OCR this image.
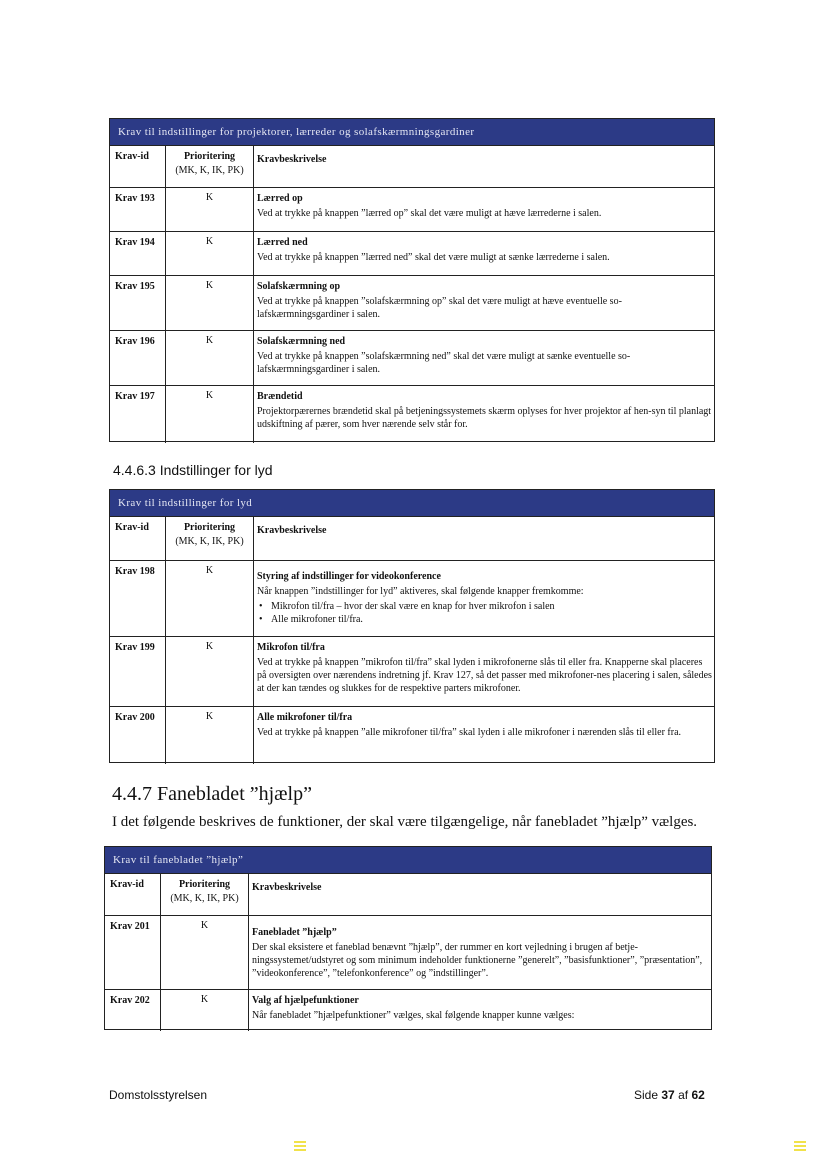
Krav til indstillinger for projektorer, lærreder og solafskærmningsgardiner
Krav-id	Prioritering
(MK, K, IK, PK)
Kravbeskrivelse
Krav 193	K	Lærred op
Ved at trykke på knappen ”lærred op” skal det være muligt at hæve lærrederne i salen.
Krav 194	K	Lærred ned
Ved at trykke på knappen ”lærred ned” skal det være muligt at sænke lærrederne i salen.
Krav 195	K	Solafskærmning op
Ved at trykke på knappen ”solafskærmning op” skal det være muligt at hæve eventuelle so-lafskærmningsgardiner i salen.
Krav 196	K	Solafskærmning ned
Ved at trykke på knappen ”solafskærmning ned” skal det være muligt at sænke eventuelle so-lafskærmningsgardiner i salen.
Krav 197	K	Brændetid
Projektorpærernes brændetid skal på betjeningssystemets skærm oplyses for hver projektor af hen-syn til planlagt udskiftning af pærer, som hver nærende selv står for.
4.4.6.3 Indstillinger for lyd
Krav til indstillinger for lyd
Krav-id	Prioritering
(MK, K, IK, PK)
Kravbeskrivelse
Krav 198	K
Styring af indstillinger for videokonference
Når knappen ”indstillinger for lyd” aktiveres, skal følgende knapper fremkomme:
• Mikrofon til/fra – hvor der skal være en knap for hver mikrofon i salen
• Alle mikrofoner til/fra.
Krav 199	K	Mikrofon til/fra
Ved at trykke på knappen ”mikrofon til/fra” skal lyden i mikrofonerne slås til eller fra. Knapperne skal placeres på oversigten over nærendens indretning jf. Krav 127, så det passer med mikrofoner-nes placering i salen, således at der kan tændes og slukkes for de respektive parters mikrofoner.
Krav 200	K	Alle mikrofoner til/fra
Ved at trykke på knappen ”alle mikrofoner til/fra” skal lyden i alle mikrofoner i nærenden slås til eller fra.
4.4.7 Fanebladet ”hjælp”
I det følgende beskrives de funktioner, der skal være tilgængelige, når fanebladet ”hjælp” vælges.
Krav til fanebladet ”hjælp”
Krav-id	Prioritering
(MK, K, IK, PK)
Kravbeskrivelse
Krav 201	K
Fanebladet ”hjælp”
Der skal eksistere et faneblad benævnt ”hjælp”, der rummer en kort vejledning i brugen af betje-ningssystemet/udstyret og som minimum indeholder funktionerne ”generelt”, ”basisfunktioner”, ”præsentation”, ”videokonference”, ”telefonkonference” og ”indstillinger”.
Krav 202	K	Valg af hjælpefunktioner
Når fanebladet ”hjælpefunktioner” vælges, skal følgende knapper kunne vælges:
Domstolsstyrelsen	Side 37 af 62
